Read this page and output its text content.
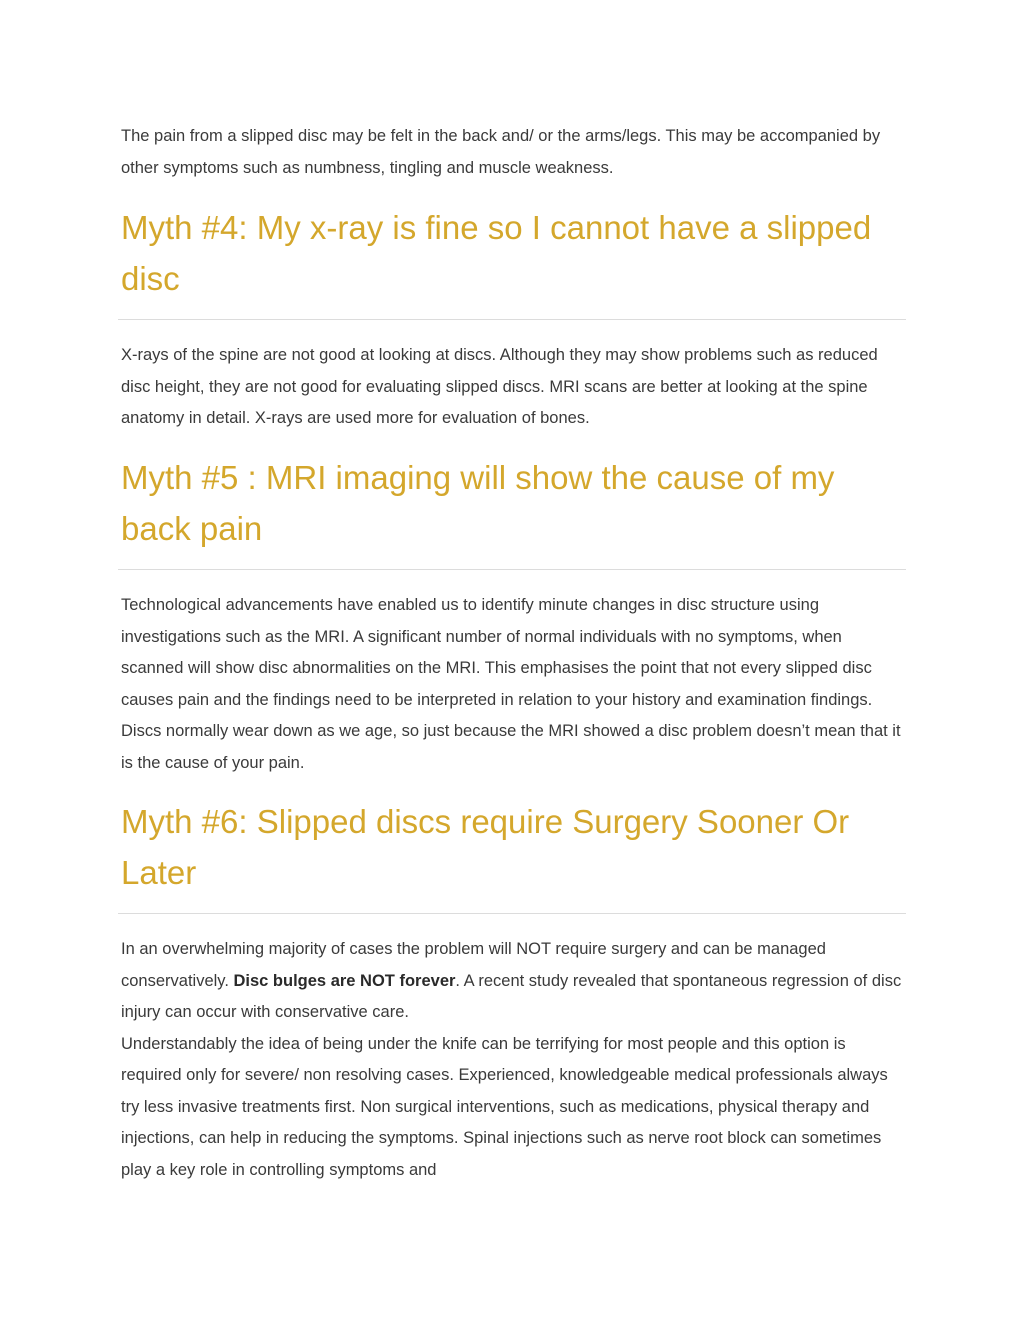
The pain from a slipped disc may be felt in the back and/ or the arms/legs. This may be accompanied by other symptoms such as numbness, tingling and muscle weakness.

Myth #4: My x-ray is fine so I cannot have a slipped disc

X-rays of the spine are not good at looking at discs. Although they may show problems such as reduced disc height, they are not good for evaluating slipped discs. MRI scans are better at looking at the spine anatomy in detail. X-rays are used more for evaluation of bones.

Myth #5 : MRI imaging will show the cause of my back pain

Technological advancements have enabled us to identify minute changes in disc structure using investigations such as the MRI. A significant number of normal individuals with no symptoms, when scanned will show disc abnormalities on the MRI. This emphasises the point that not every slipped disc causes pain and the findings need to be interpreted in relation to your history and examination findings. Discs normally wear down as we age, so just because the MRI showed a disc problem doesn’t mean that it is the cause of your pain.

Myth #6: Slipped discs require Surgery Sooner Or Later

In an overwhelming majority of cases the problem will NOT require surgery and can be managed conservatively. Disc bulges are NOT forever. A recent study revealed that spontaneous regression of disc injury can occur with conservative care.
Understandably the idea of being under the knife can be terrifying for most people and this option is required only for severe/ non resolving cases. Experienced, knowledgeable medical professionals always try less invasive treatments first. Non surgical interventions, such as medications, physical therapy and injections, can help in reducing the symptoms. Spinal injections such as nerve root block can sometimes play a key role in controlling symptoms and
